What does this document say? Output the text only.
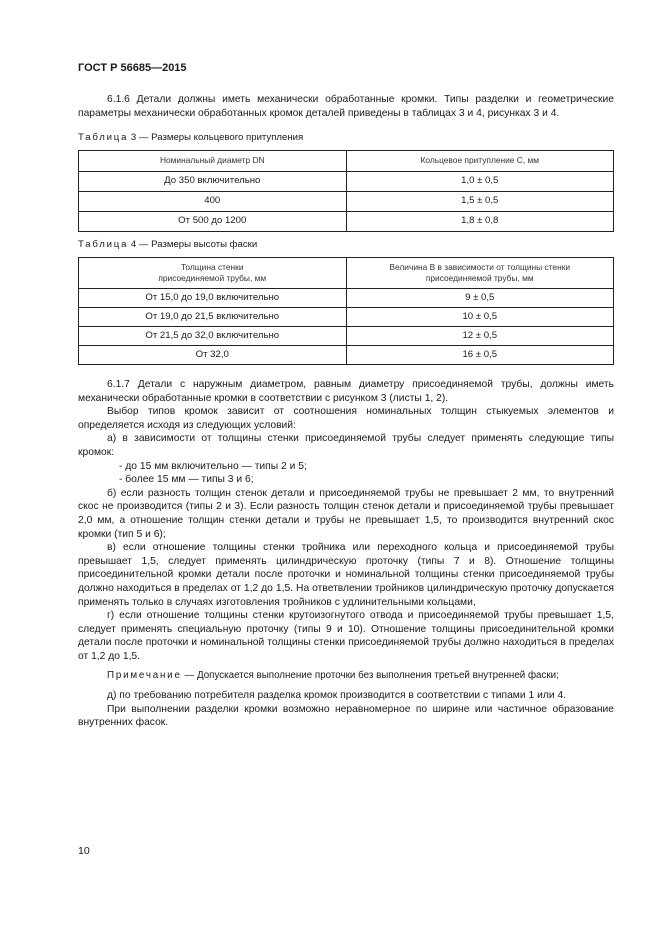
ГОСТ Р 56685—2015

6.1.6 Детали должны иметь механически обработанные кромки. Типы разделки и геометрические параметры механически обработанных кромок деталей приведены в таблицах 3 и 4, рисунках 3 и 4.

Таблица 3 — Размеры кольцевого притупления

Номинальный диаметр DN	Кольцевое притупление С, мм
До 350 включительно	1,0 ± 0,5
400	1,5 ± 0,5
От 500 до 1200	1,8 ± 0,8

Таблица 4 — Размеры высоты фаски

Толщина стенки
присоединяемой трубы, мм	Величина В в зависимости от толщины стенки
присоединяемой трубы, мм
От 15,0 до 19,0 включительно	9 ± 0,5
От 19,0 до 21,5 включительно	10 ± 0,5
От 21,5 до 32,0 включительно	12 ± 0,5
От 32,0	16 ± 0,5

6.1.7 Детали с наружным диаметром, равным диаметру присоединяемой трубы, должны иметь механически обработанные кромки в соответствии с рисунком 3 (листы 1, 2).

Выбор типов кромок зависит от соотношения номинальных толщин стыкуемых элементов и определяется исходя из следующих условий:

а) в зависимости от толщины стенки присоединяемой трубы следует применять следующие типы кромок:

- до 15 мм включительно — типы 2 и 5;

- более 15 мм — типы 3 и 6;

б) если разность толщин стенок детали и присоединяемой трубы не превышает 2 мм, то внутренний скос не производится (типы 2 и 3). Если разность толщин стенок детали и присоединяемой трубы превышает 2,0 мм, а отношение толщин стенки детали и трубы не превышает 1,5, то производится внутренний скос кромки (тип 5 и 6);

в) если отношение толщины стенки тройника или переходного кольца и присоединяемой трубы превышает 1,5, следует применять цилиндрическую проточку (типы 7 и 8). Отношение толщины присоединительной кромки детали после проточки и номинальной толщины стенки присоединяемой трубы должно находиться в пределах от 1,2 до 1,5. На ответвлении тройников цилиндрическую проточку допускается применять только в случаях изготовления тройников с удлинительными кольцами,

г) если отношение толщины стенки крутоизогнутого отвода и присоединяемой трубы превышает 1,5, следует применять специальную проточку (типы 9 и 10). Отношение толщины присоединительной кромки детали после проточки и номинальной толщины стенки присоединяемой трубы должно находиться в пределах от 1,2 до 1,5.

Примечание — Допускается выполнение проточки без выполнения третьей внутренней фаски;

д) по требованию потребителя разделка кромок производится в соответствии с типами 1 или 4.

При выполнении разделки кромки возможно неравномерное по ширине или частичное образование внутренних фасок.

10
